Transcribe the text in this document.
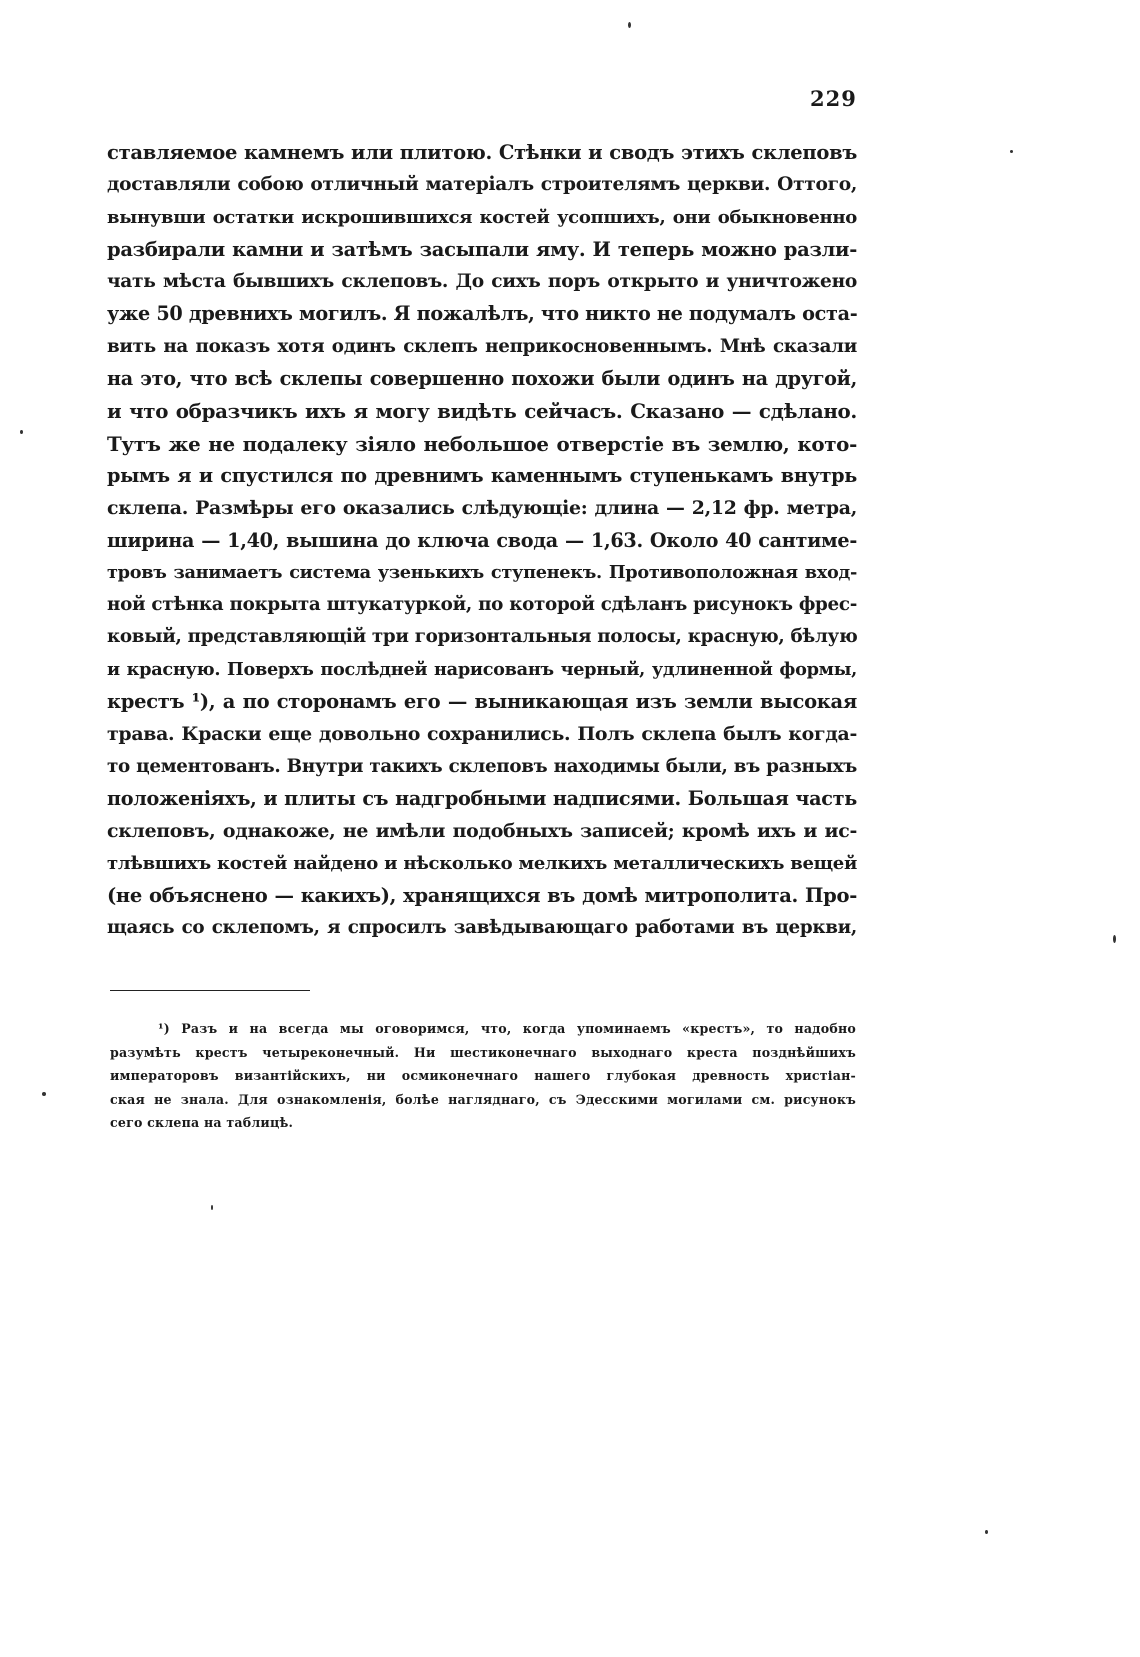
229
ставляемое камнемъ или плитою. Стѣнки и сводъ этихъ склеповъ
доставляли собою отличный матеріалъ строителямъ церкви. Оттого,
вынувши остатки искрошившихся костей усопшихъ, они обыкновенно
разбирали камни и затѣмъ засыпали яму. И теперь можно разли-
чать мѣста бывшихъ склеповъ. До сихъ поръ открыто и уничтожено
уже 50 древнихъ могилъ. Я пожалѣлъ, что никто не подумалъ оста-
вить на показъ хотя одинъ склепъ неприкосновеннымъ. Мнѣ сказали
на это, что всѣ склепы совершенно похожи были одинъ на другой,
и что образчикъ ихъ я могу видѣть сейчасъ. Сказано — сдѣлано.
Тутъ же не подалеку зіяло небольшое отверстіе въ землю, кото-
рымъ я и спустился по древнимъ каменнымъ ступенькамъ внутрь
склепа. Размѣры его оказались слѣдующіе: длина — 2,12 фр. метра,
ширина — 1,40, вышина до ключа свода — 1,63. Около 40 сантиме-
тровъ занимаетъ система узенькихъ ступенекъ. Противоположная вход-
ной стѣнка покрыта штукатуркой, по которой сдѣланъ рисунокъ фрес-
ковый, представляющій три горизонтальныя полосы, красную, бѣлую
и красную. Поверхъ послѣдней нарисованъ черный, удлиненной формы,
крестъ ¹), а по сторонамъ его — выникающая изъ земли высокая
трава. Краски еще довольно сохранились. Полъ склепа былъ когда-
то цементованъ. Внутри такихъ склеповъ находимы были, въ разныхъ
положеніяхъ, и плиты съ надгробными надписями. Большая часть
склеповъ, однакоже, не имѣли подобныхъ записей; кромѣ ихъ и ис-
тлѣвшихъ костей найдено и нѣсколько мелкихъ металлическихъ вещей
(не объяснено — какихъ), хранящихся въ домѣ митрополита. Про-
щаясь со склепомъ, я спросилъ завѣдывающаго работами въ церкви,
¹) Разъ и на всегда мы оговоримся, что, когда упоминаемъ «крестъ», то надобно
разумѣть крестъ четыреконечный. Ни шестиконечнаго выходнаго креста позднѣйшихъ
императоровъ византійскихъ, ни осмиконечнаго нашего глубокая древность христіан-
ская не знала. Для ознакомленія, болѣе нагляднаго, съ Эдесскими могилами см. рисунокъ
сего склепа на таблицѣ.
